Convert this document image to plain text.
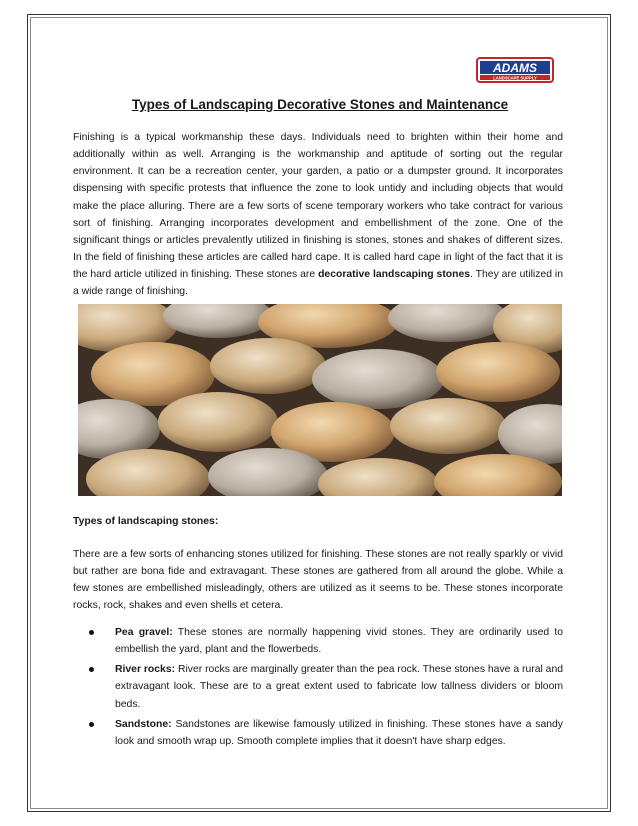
ADAMS
LANDSCAPE SUPPLY
Types of Landscaping Decorative Stones and Maintenance

Finishing is a typical workmanship these days. Individuals need to brighten within their home and additionally within as well. Arranging is the workmanship and aptitude of sorting out the regular environment. It can be a recreation center, your garden, a patio or a dumpster ground. It incorporates dispensing with specific protests that influence the zone to look untidy and including objects that would make the place alluring. There are a few sorts of scene temporary workers who take contract for various sort of finishing. Arranging incorporates development and embellishment of the zone. One of the significant things or articles prevalently utilized in finishing is stones, stones and shakes of different sizes. In the field of finishing these articles are called hard cape. It is called hard cape in light of the fact that it is the hard article utilized in finishing. These stones are decorative landscaping stones. They are utilized in a wide range of finishing.

Types of landscaping stones:

There are a few sorts of enhancing stones utilized for finishing. These stones are not really sparkly or vivid but rather are bona fide and extravagant. These stones are gathered from all around the globe. While a few stones are embellished misleadingly, others are utilized as it seems to be. These stones incorporate rocks, rock, shakes and even shells et cetera.

Pea gravel: These stones are normally happening vivid stones. They are ordinarily used to embellish the yard, plant and the flowerbeds.
River rocks: River rocks are marginally greater than the pea rock. These stones have a rural and extravagant look. These are to a great extent used to fabricate low tallness dividers or bloom beds.
Sandstone: Sandstones are likewise famously utilized in finishing. These stones have a sandy look and smooth wrap up. Smooth complete implies that it doesn't have sharp edges.
